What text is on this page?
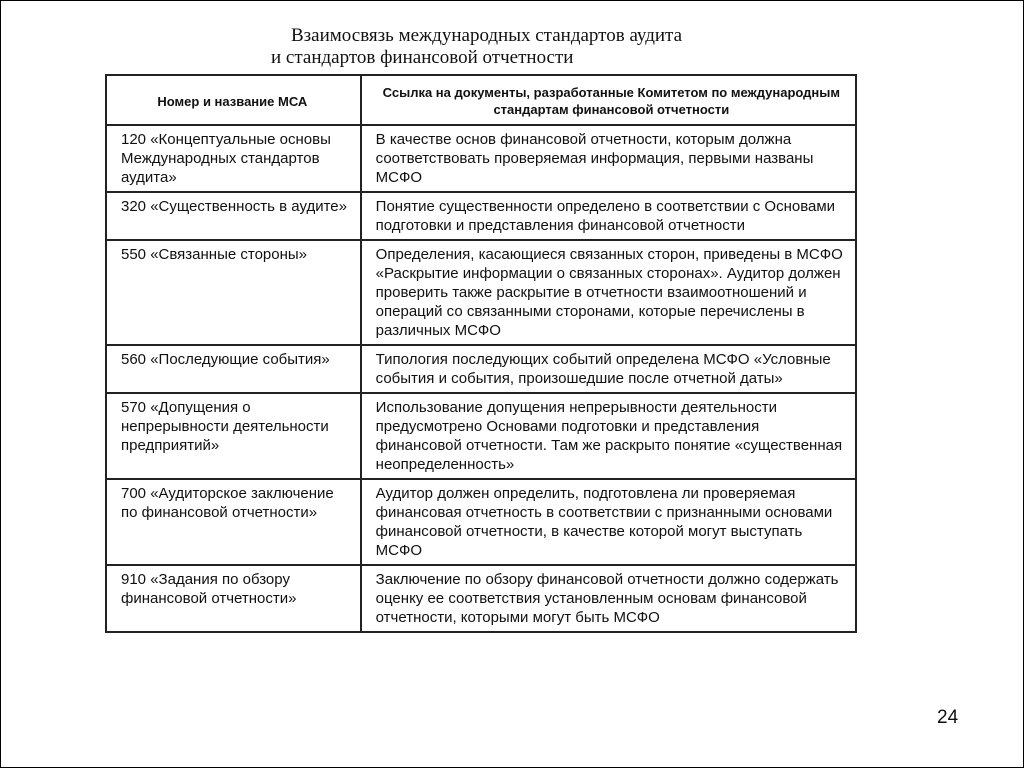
Взаимосвязь международных стандартов аудита
и стандартов финансовой отчетности
Номер и название МСА	Ссылка на документы, разработанные Комитетом по международным стандартам финансовой отчетности
120 «Концептуальные основы Международных стандартов аудита»	В качестве основ финансовой отчетности, которым должна соответствовать проверяемая информация, первыми названы МСФО
320 «Существенность в аудите»	Понятие существенности определено в соответствии с Основами подготовки и представления финансовой отчетности
550 «Связанные стороны»	Определения, касающиеся связанных сторон, приведены в МСФО «Раскрытие информации о связанных сторонах». Аудитор должен проверить также раскрытие в отчетности взаимоотношений и операций со связанными сторонами, которые перечислены в различных МСФО
560 «Последующие события»	Типология последующих событий определена МСФО «Условные события и события, произошедшие после отчетной даты»
570 «Допущения о непрерывности деятельности предприятий»	Использование допущения непрерывности деятельности предусмотрено Основами подготовки и представления финансовой отчетности. Там же раскрыто понятие «существенная неопределенность»
700 «Аудиторское заключение по финансовой отчетности»	Аудитор должен определить, подготовлена ли проверяемая финансовая отчетность в соответствии с признанными основами финансовой отчетности, в качестве которой могут выступать МСФО
910 «Задания по обзору финансовой отчетности»	Заключение по обзору финансовой отчетности должно содержать оценку ее соответствия установленным основам финансовой отчетности, которыми могут быть МСФО
24
